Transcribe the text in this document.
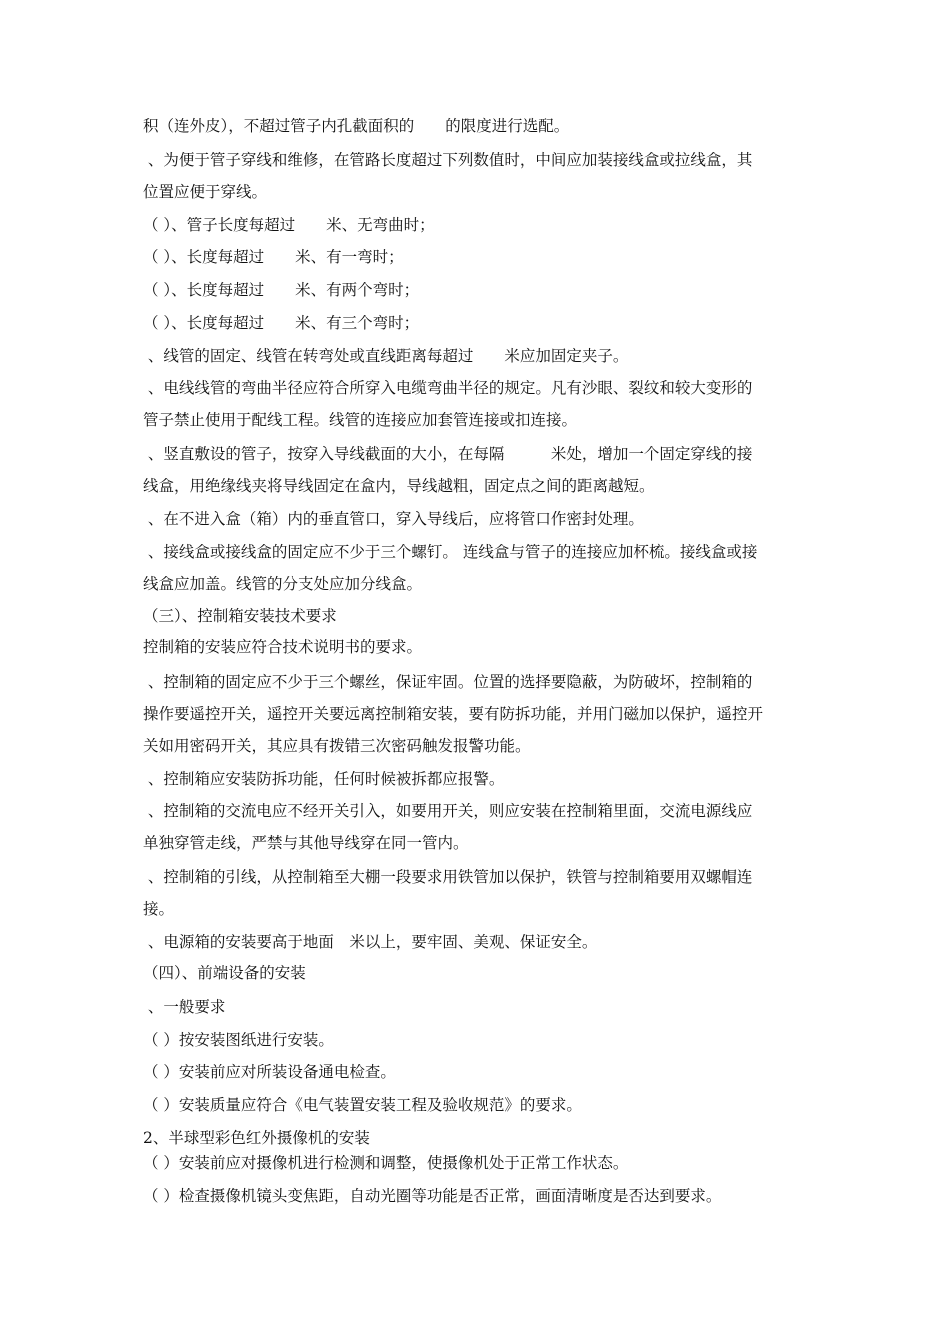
积（连外皮），不超过管子内孔截面积的　　的限度进行选配。
、为便于管子穿线和维修，在管路长度超过下列数值时，中间应加装接线盒或拉线盒，其
位置应便于穿线。
（ ）、管子长度每超过　　米、无弯曲时；
（ ）、长度每超过　　米、有一弯时；
（ ）、长度每超过　　米、有两个弯时；
（ ）、长度每超过　　米、有三个弯时；
、线管的固定、线管在转弯处或直线距离每超过　　米应加固定夹子。
、电线线管的弯曲半径应符合所穿入电缆弯曲半径的规定。凡有沙眼、裂纹和较大变形的
管子禁止使用于配线工程。线管的连接应加套管连接或扣连接。
、竖直敷设的管子，按穿入导线截面的大小，在每隔　　　米处，增加一个固定穿线的接
线盒，用绝缘线夹将导线固定在盒内，导线越粗，固定点之间的距离越短。
、在不进入盒（箱）内的垂直管口，穿入导线后，应将管口作密封处理。
、接线盒或接线盒的固定应不少于三个螺钉。 连线盒与管子的连接应加杯梳。接线盒或接
线盒应加盖。线管的分支处应加分线盒。
（三）、控制箱安装技术要求
控制箱的安装应符合技术说明书的要求。
、控制箱的固定应不少于三个螺丝，保证牢固。位置的选择要隐蔽，为防破坏，控制箱的
操作要遥控开关，遥控开关要远离控制箱安装，要有防拆功能，并用门磁加以保护，遥控开
关如用密码开关，其应具有拨错三次密码触发报警功能。
、控制箱应安装防拆功能，任何时候被拆都应报警。
、控制箱的交流电应不经开关引入，如要用开关，则应安装在控制箱里面，交流电源线应
单独穿管走线，严禁与其他导线穿在同一管内。
、控制箱的引线，从控制箱至大棚一段要求用铁管加以保护，铁管与控制箱要用双螺帽连
接。
、电源箱的安装要高于地面　米以上，要牢固、美观、保证安全。
（四）、前端设备的安装
、一般要求
（ ）按安装图纸进行安装。
（ ）安装前应对所装设备通电检查。
（ ）安装质量应符合《电气装置安装工程及验收规范》的要求。
2、半球型彩色红外摄像机的安装
（ ）安装前应对摄像机进行检测和调整，使摄像机处于正常工作状态。
（ ）检查摄像机镜头变焦距，自动光圈等功能是否正常，画面清晰度是否达到要求。
